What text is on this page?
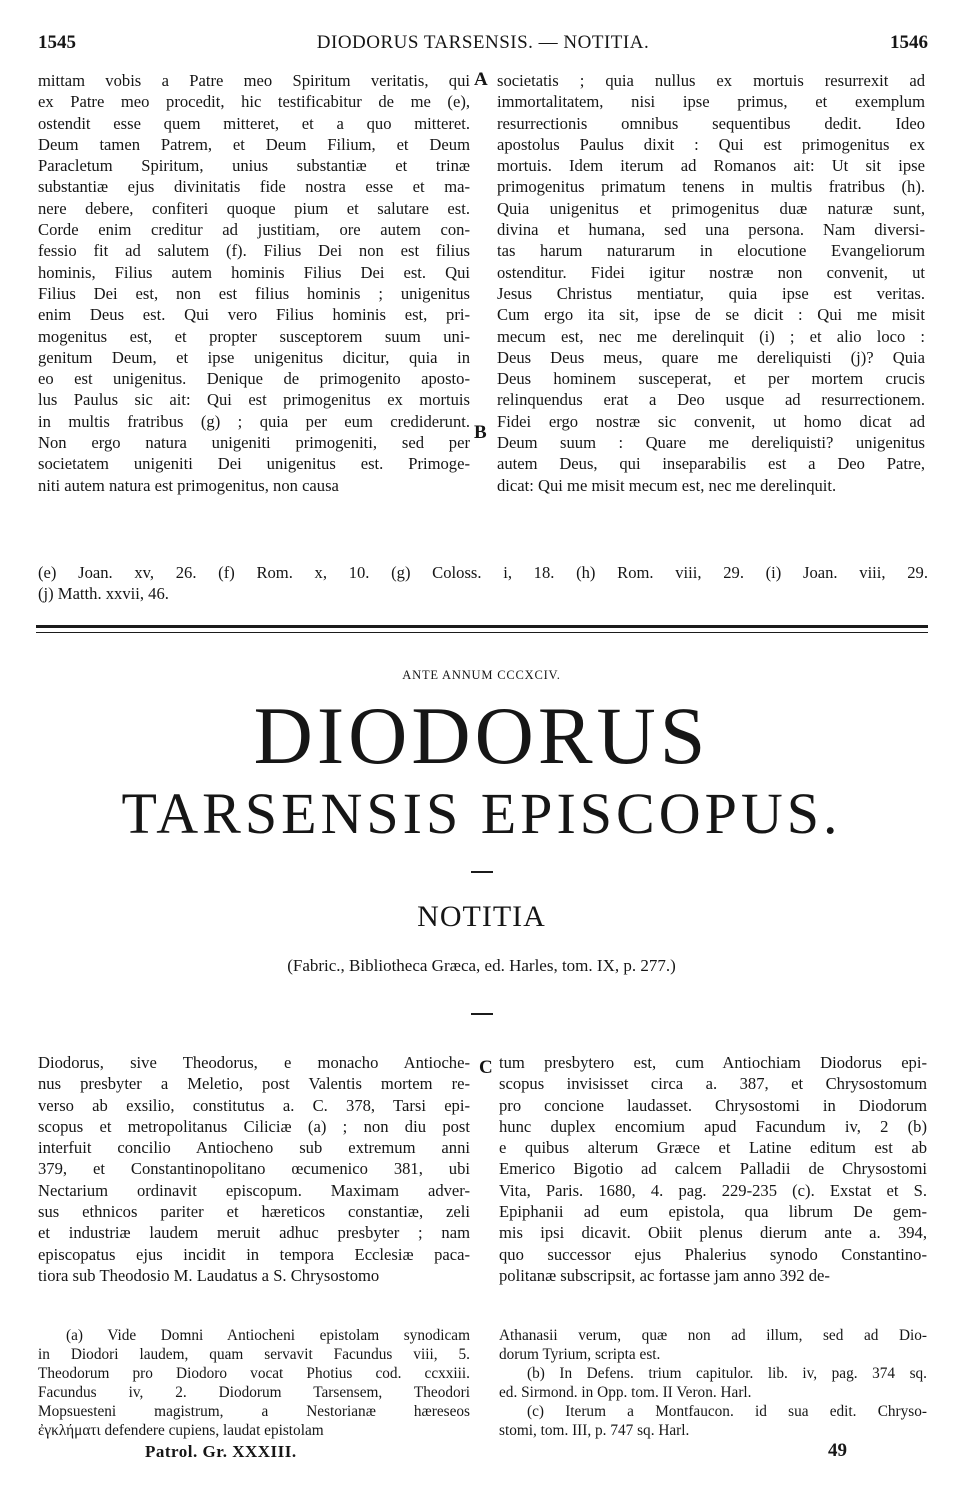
1545	DIODORUS TARSENSIS. — NOTITIA.	1546
A
B
C
mittam vobis a Patre meo Spiritum veritatis, qui
ex Patre meo procedit, hic testificabitur de me (e),
ostendit esse quem mitteret, et a quo mitteret.
Deum tamen Patrem, et Deum Filium, et Deum
Paracletum Spiritum, unius substantiæ et trinæ
substantiæ ejus divinitatis fide nostra esse et ma-
nere debere, confiteri quoque pium et salutare est.
Corde enim creditur ad justitiam, ore autem con-
fessio fit ad salutem (f). Filius Dei non est filius
hominis, Filius autem hominis Filius Dei est. Qui
Filius Dei est, non est filius hominis ; unigenitus
enim Deus est. Qui vero Filius hominis est, pri-
mogenitus est, et propter susceptorem suum uni-
genitum Deum, et ipse unigenitus dicitur, quia in
eo est unigenitus. Denique de primogenito aposto-
lus Paulus sic ait: Qui est primogenitus ex mortuis
in multis fratribus (g) ; quia per eum crediderunt.
Non ergo natura unigeniti primogeniti, sed per
societatem unigeniti Dei unigenitus est. Primoge-
niti autem natura est primogenitus, non causa
societatis ; quia nullus ex mortuis resurrexit ad
immortalitatem, nisi ipse primus, et exemplum
resurrectionis omnibus sequentibus dedit. Ideo
apostolus Paulus dixit : Qui est primogenitus ex
mortuis. Idem iterum ad Romanos ait: Ut sit ipse
primogenitus primatum tenens in multis fratribus (h).
Quia unigenitus et primogenitus duæ naturæ sunt,
divina et humana, sed una persona. Nam diversi-
tas harum naturarum in elocutione Evangeliorum
ostenditur. Fidei igitur nostræ non convenit, ut
Jesus Christus mentiatur, quia ipse est veritas.
Cum ergo ita sit, ipse de se dicit : Qui me misit
mecum est, nec me derelinquit (i) ; et alio loco :
Deus Deus meus, quare me dereliquisti (j)? Quia
Deus hominem susceperat, et per mortem crucis
relinquendus erat a Deo usque ad resurrectionem.
Fidei ergo nostræ sic convenit, ut homo dicat ad
Deum suum : Quare me dereliquisti? unigenitus
autem Deus, qui inseparabilis est a Deo Patre,
dicat: Qui me misit mecum est, nec me derelinquit.
(e) Joan. xv, 26. (f) Rom. x, 10. (g) Coloss. i, 18. (h) Rom. viii, 29. (i) Joan. viii, 29.
(j) Matth. xxvii, 46.
ANTE ANNUM CCCXCIV.
DIODORUS
TARSENSIS EPISCOPUS.
NOTITIA
(Fabric., Bibliotheca Græca, ed. Harles, tom. IX, p. 277.)
Diodorus, sive Theodorus, e monacho Antioche-
nus presbyter a Meletio, post Valentis mortem re-
verso ab exsilio, constitutus a. C. 378, Tarsi epi-
scopus et metropolitanus Ciliciæ (a) ; non diu post
interfuit concilio Antiocheno sub extremum anni
379, et Constantinopolitano œcumenico 381, ubi
Nectarium ordinavit episcopum. Maximam adver-
sus ethnicos pariter et hæreticos constantiæ, zeli
et industriæ laudem meruit adhuc presbyter ; nam
episcopatus ejus incidit in tempora Ecclesiæ paca-
tiora sub Theodosio M. Laudatus a S. Chrysostomo
tum presbytero est, cum Antiochiam Diodorus epi-
scopus invisisset circa a. 387, et Chrysostomum
pro concione laudasset. Chrysostomi in Diodorum
hunc duplex encomium apud Facundum iv, 2 (b)
e quibus alterum Græce et Latine editum est ab
Emerico Bigotio ad calcem Palladii de Chrysostomi
Vita, Paris. 1680, 4. pag. 229-235 (c). Exstat et S.
Epiphanii ad eum epistola, qua librum De gem-
mis ipsi dicavit. Obiit plenus dierum ante a. 394,
quo successor ejus Phalerius synodo Constantino-
politanæ subscripsit, ac fortasse jam anno 392 de-
(a) Vide Domni Antiocheni epistolam synodicam
in Diodori laudem, quam servavit Facundus viii, 5.
Theodorum pro Diodoro vocat Photius cod. ccxxiii.
Facundus iv, 2. Diodorum Tarsensem, Theodori
Mopsuesteni magistrum, a Nestorianæ hæreseos
ἐγκλήματι defendere cupiens, laudat epistolam
Athanasii verum, quæ non ad illum, sed ad Dio-
dorum Tyrium, scripta est.
(b) In Defens. trium capitulor. lib. iv, pag. 374 sq.
ed. Sirmond. in Opp. tom. II Veron. Harl.
(c) Iterum a Montfaucon. id sua edit. Chryso-
stomi, tom. III, p. 747 sq. Harl.
Patrol. Gr. XXXIII.	49
